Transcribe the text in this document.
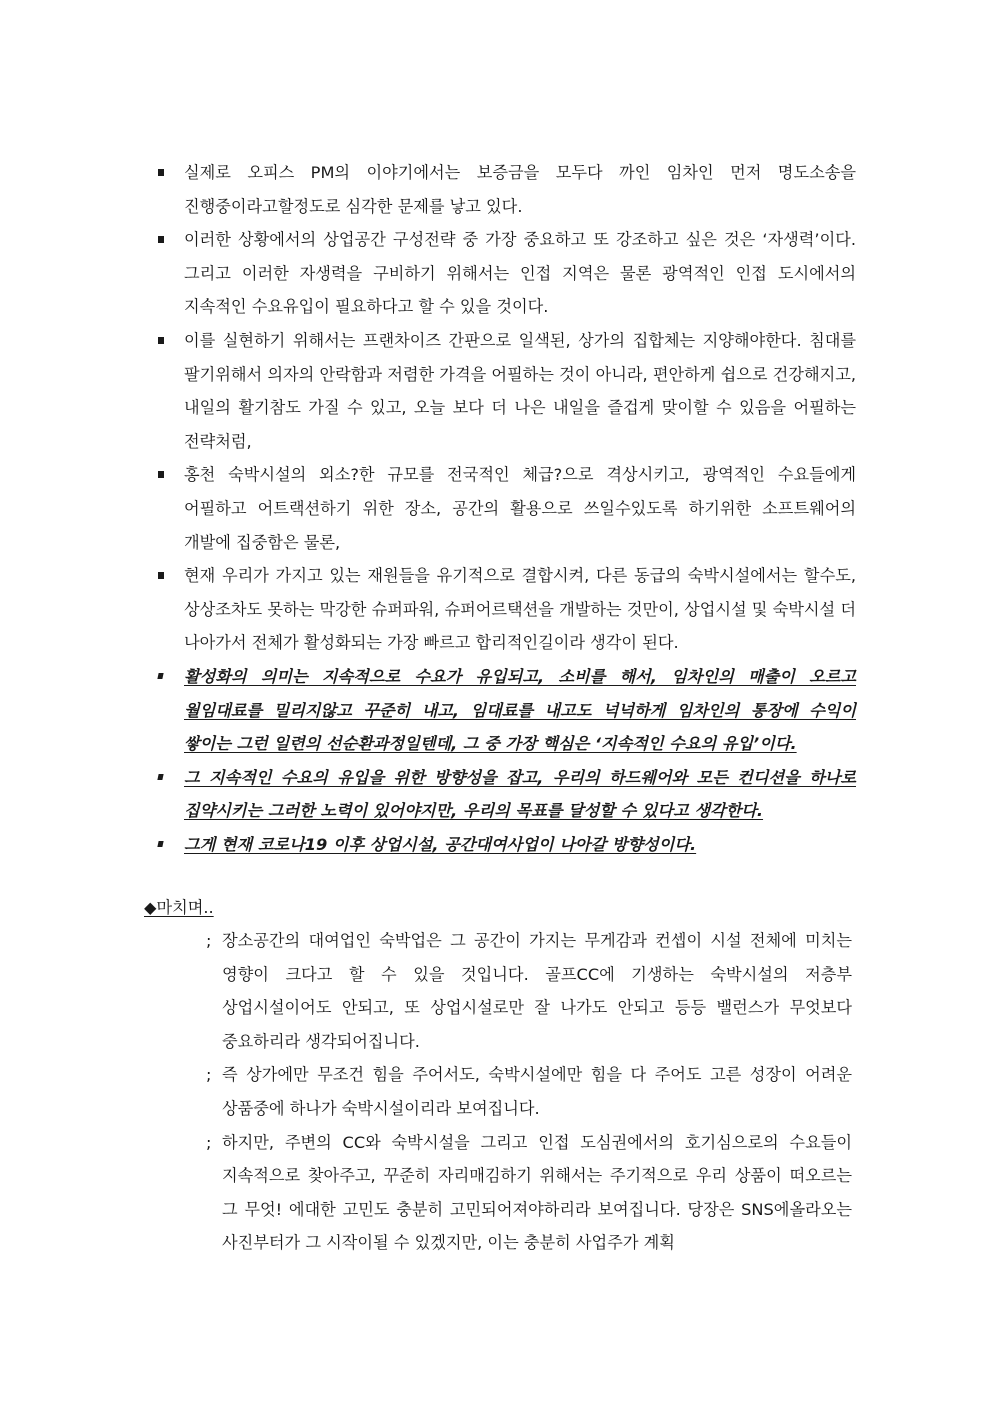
실제로 오피스 PM의 이야기에서는 보증금을 모두다 까인 임차인 먼저 명도소송을 진행중이라고할정도로 심각한 문제를 낳고 있다.
이러한 상황에서의 상업공간 구성전략 중 가장 중요하고 또 강조하고 싶은 것은 ‘자생력’이다. 그리고 이러한 자생력을 구비하기 위해서는 인접 지역은 물론 광역적인 인접 도시에서의 지속적인 수요유입이 필요하다고 할 수 있을 것이다.
이를 실현하기 위해서는 프랜차이즈 간판으로 일색된, 상가의 집합체는 지양해야한다. 침대를 팔기위해서 의자의 안락함과 저렴한 가격을 어필하는 것이 아니라, 편안하게 쉽으로 건강해지고, 내일의 활기참도 가질 수 있고, 오늘 보다 더 나은 내일을 즐겁게 맞이할 수 있음을 어필하는 전략처럼,
홍천 숙박시설의 외소?한 규모를 전국적인 체급?으로 격상시키고, 광역적인 수요들에게 어필하고 어트랙션하기 위한 장소, 공간의 활용으로 쓰일수있도록 하기위한 소프트웨어의 개발에 집중함은 물론,
현재 우리가 가지고 있는 재원들을 유기적으로 결합시켜, 다른 동급의 숙박시설에서는 할수도, 상상조차도 못하는 막강한 슈퍼파워, 슈퍼어르택션을 개발하는 것만이, 상업시설 및 숙박시설 더 나아가서 전체가 활성화되는 가장 빠르고 합리적인길이라 생각이 된다.
활성화의 의미는 지속적으로 수요가 유입되고, 소비를 해서, 임차인의 매출이 오르고 월임대료를 밀리지않고 꾸준히 내고, 임대료를 내고도 넉넉하게 임차인의 통장에 수익이 쌓이는 그런 일련의 선순환과정일텐데, 그 중 가장 핵심은 ‘지속적인 수요의 유입’이다.
그 지속적인 수요의 유입을 위한 방향성을 잡고, 우리의 하드웨어와 모든 컨디션을 하나로 집약시키는 그러한 노력이 있어야지만, 우리의 목표를 달성할 수 있다고 생각한다.
그게 현재 코로나19 이후 상업시설, 공간대여사업이 나아갈 방향성이다.
◆마치며..
; 장소공간의 대여업인 숙박업은 그 공간이 가지는 무게감과 컨셉이 시설 전체에 미치는 영향이 크다고 할 수 있을 것입니다. 골프CC에 기생하는 숙박시설의 저층부 상업시설이어도 안되고, 또 상업시설로만 잘 나가도 안되고 등등 밸런스가 무엇보다 중요하리라 생각되어집니다.
; 즉 상가에만 무조건 힘을 주어서도, 숙박시설에만 힘을 다 주어도 고른 성장이 어려운 상품중에 하나가 숙박시설이리라 보여집니다.
; 하지만, 주변의 CC와 숙박시설을 그리고 인접 도심권에서의 호기심으로의 수요들이 지속적으로 찾아주고, 꾸준히 자리매김하기 위해서는 주기적으로 우리 상품이 떠오르는 그 무엇! 에대한 고민도 충분히 고민되어져야하리라 보여집니다. 당장은 SNS에올라오는 사진부터가 그 시작이될 수 있겠지만, 이는 충분히 사업주가 계획
